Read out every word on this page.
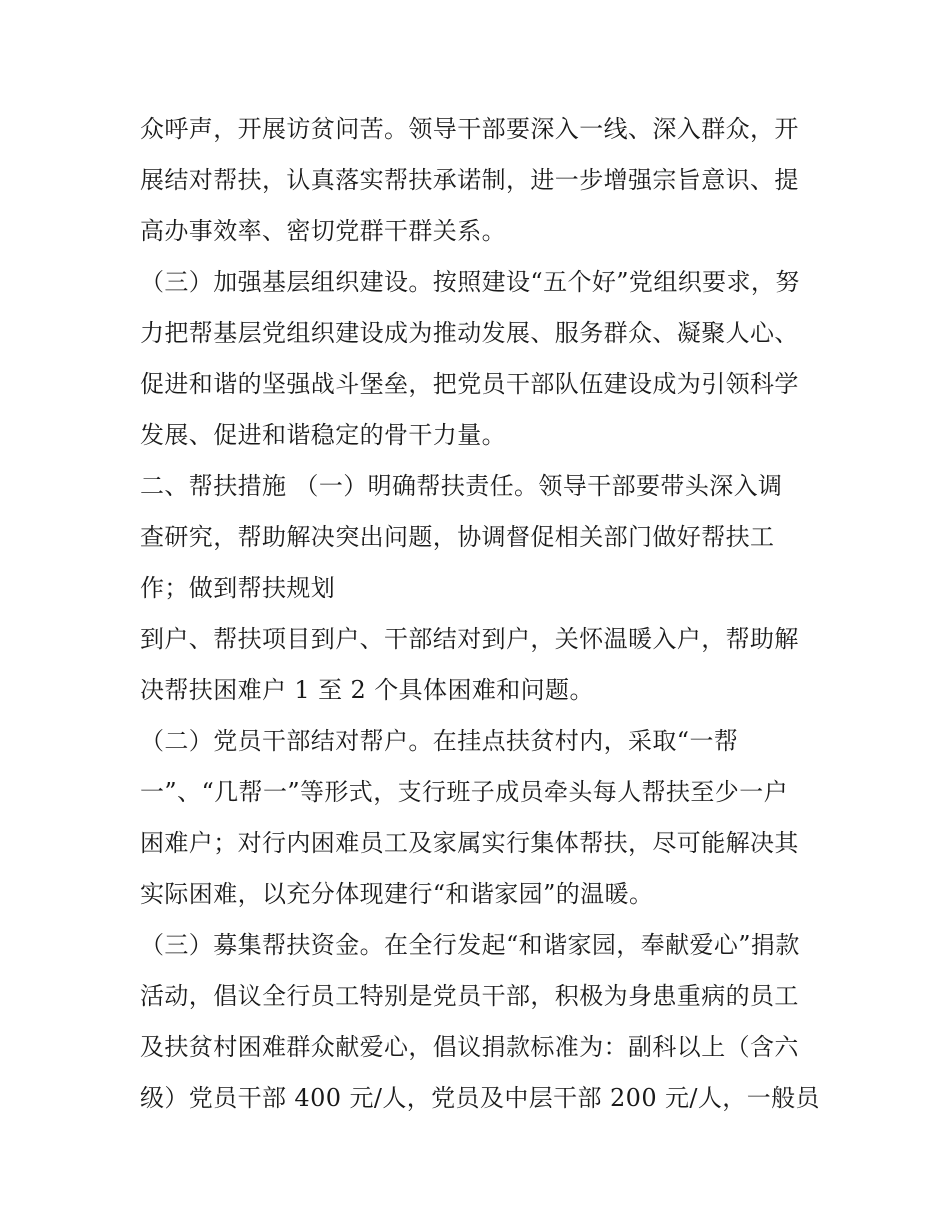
众呼声，开展访贫问苦。领导干部要深入一线、深入群众，开
展结对帮扶，认真落实帮扶承诺制，进一步增强宗旨意识、提
高办事效率、密切党群干群关系。
（三）加强基层组织建设。按照建设“五个好”党组织要求，努
力把帮基层党组织建设成为推动发展、服务群众、凝聚人心、
促进和谐的坚强战斗堡垒，把党员干部队伍建设成为引领科学
发展、促进和谐稳定的骨干力量。
二、帮扶措施 （一）明确帮扶责任。领导干部要带头深入调
查研究，帮助解决突出问题，协调督促相关部门做好帮扶工
作；做到帮扶规划
到户、帮扶项目到户、干部结对到户，关怀温暖入户，帮助解
决帮扶困难户 1 至 2 个具体困难和问题。
（二）党员干部结对帮户。在挂点扶贫村内，采取“一帮
一”、“几帮一”等形式，支行班子成员牵头每人帮扶至少一户
困难户；对行内困难员工及家属实行集体帮扶，尽可能解决其
实际困难，以充分体现建行“和谐家园”的温暖。
（三）募集帮扶资金。在全行发起“和谐家园，奉献爱心”捐款
活动，倡议全行员工特别是党员干部，积极为身患重病的员工
及扶贫村困难群众献爱心，倡议捐款标准为：副科以上（含六
级）党员干部 400 元/人，党员及中层干部 200 元/人，一般员
